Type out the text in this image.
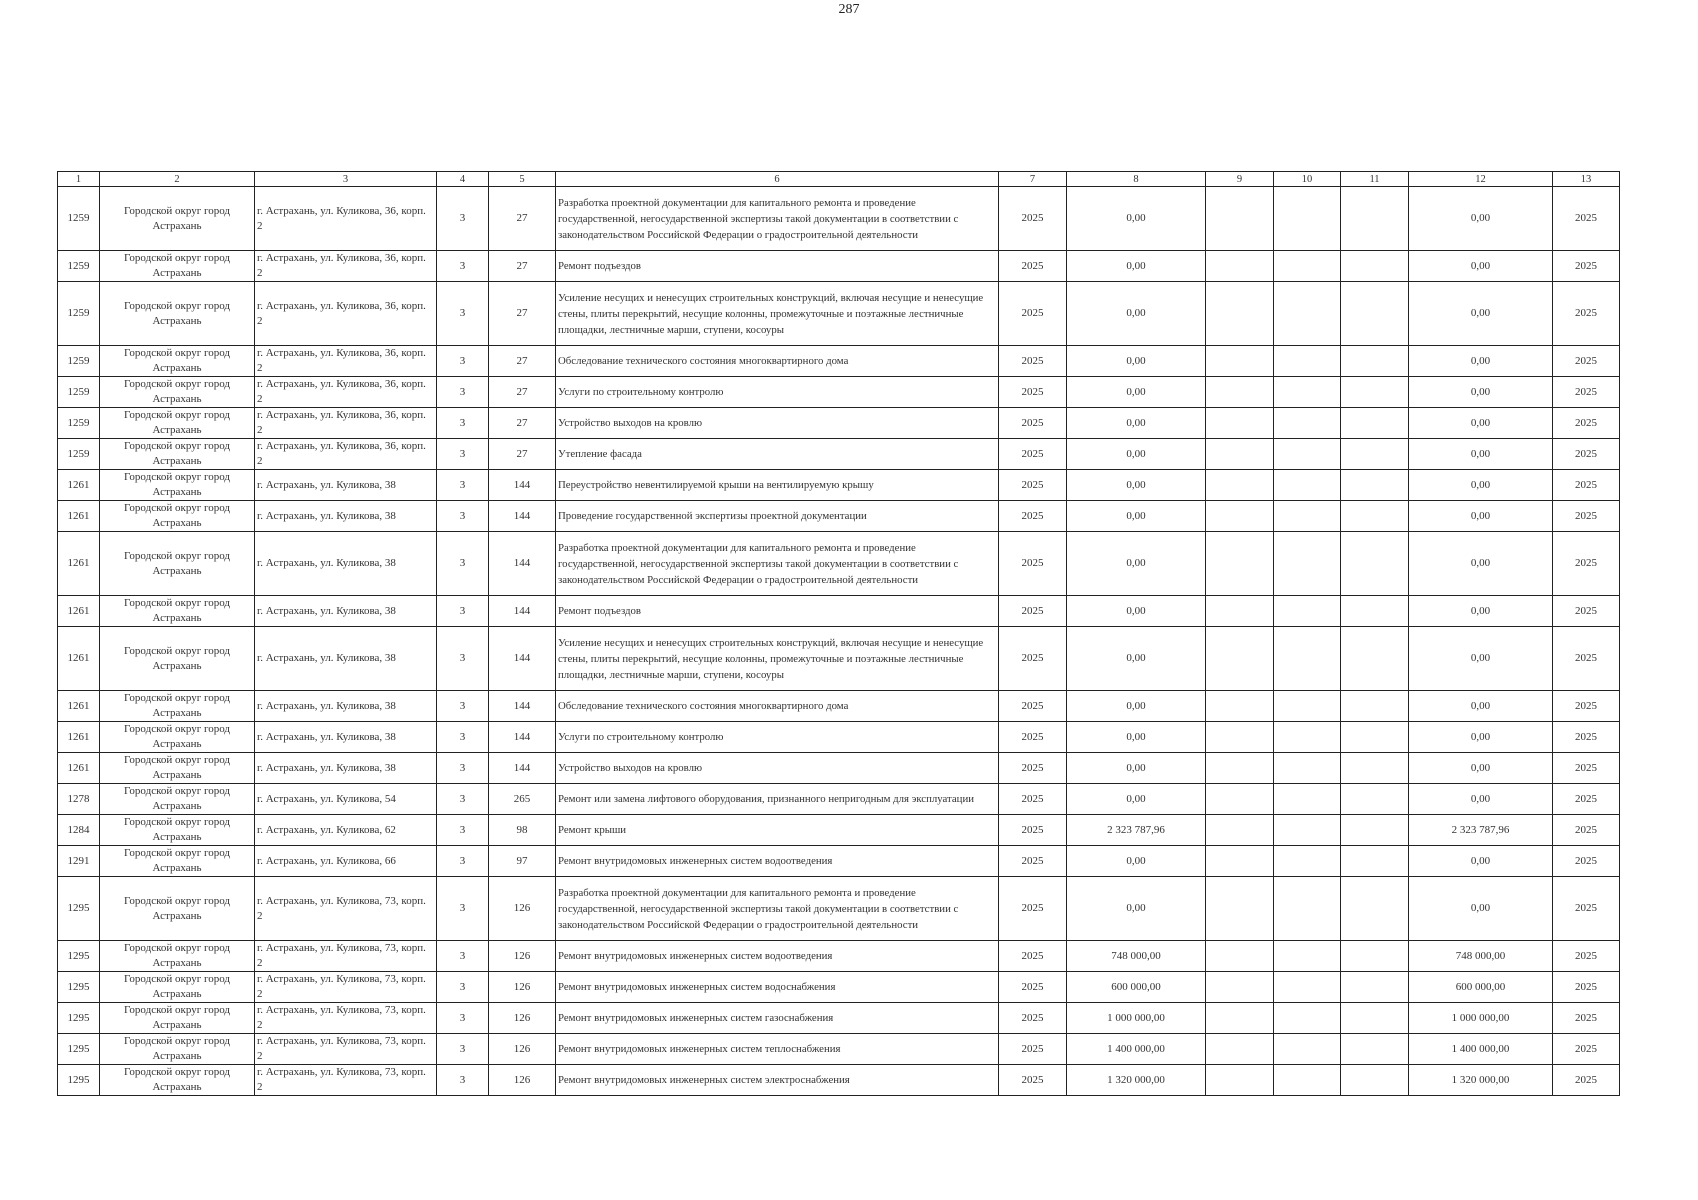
287
1	2	3	4	5	6	7	8	9	10	11	12	13
1259	Городской округ город Астрахань	г. Астрахань, ул. Куликова, 36, корп. 2	3	27	Разработка проектной документации для капитального ремонта и проведение государственной, негосударственной экспертизы такой документации в соответствии с законодательством Российской Федерации о градостроительной деятельности	2025	0,00				0,00	2025
1259	Городской округ город Астрахань	г. Астрахань, ул. Куликова, 36, корп. 2	3	27	Ремонт подъездов	2025	0,00				0,00	2025
1259	Городской округ город Астрахань	г. Астрахань, ул. Куликова, 36, корп. 2	3	27	Усиление несущих и ненесущих строительных конструкций, включая несущие и ненесущие стены, плиты перекрытий, несущие колонны, промежуточные и поэтажные лестничные площадки, лестничные марши, ступени, косоуры	2025	0,00				0,00	2025
1259	Городской округ город Астрахань	г. Астрахань, ул. Куликова, 36, корп. 2	3	27	Обследование технического состояния многоквартирного дома	2025	0,00				0,00	2025
1259	Городской округ город Астрахань	г. Астрахань, ул. Куликова, 36, корп. 2	3	27	Услуги по строительному контролю	2025	0,00				0,00	2025
1259	Городской округ город Астрахань	г. Астрахань, ул. Куликова, 36, корп. 2	3	27	Устройство выходов на кровлю	2025	0,00				0,00	2025
1259	Городской округ город Астрахань	г. Астрахань, ул. Куликова, 36, корп. 2	3	27	Утепление фасада	2025	0,00				0,00	2025
1261	Городской округ город Астрахань	г. Астрахань, ул. Куликова, 38	3	144	Переустройство невентилируемой крыши на вентилируемую крышу	2025	0,00				0,00	2025
1261	Городской округ город Астрахань	г. Астрахань, ул. Куликова, 38	3	144	Проведение государственной экспертизы проектной документации	2025	0,00				0,00	2025
1261	Городской округ город Астрахань	г. Астрахань, ул. Куликова, 38	3	144	Разработка проектной документации для капитального ремонта и проведение государственной, негосударственной экспертизы такой документации в соответствии с законодательством Российской Федерации о градостроительной деятельности	2025	0,00				0,00	2025
1261	Городской округ город Астрахань	г. Астрахань, ул. Куликова, 38	3	144	Ремонт подъездов	2025	0,00				0,00	2025
1261	Городской округ город Астрахань	г. Астрахань, ул. Куликова, 38	3	144	Усиление несущих и ненесущих строительных конструкций, включая несущие и ненесущие стены, плиты перекрытий, несущие колонны, промежуточные и поэтажные лестничные площадки, лестничные марши, ступени, косоуры	2025	0,00				0,00	2025
1261	Городской округ город Астрахань	г. Астрахань, ул. Куликова, 38	3	144	Обследование технического состояния многоквартирного дома	2025	0,00				0,00	2025
1261	Городской округ город Астрахань	г. Астрахань, ул. Куликова, 38	3	144	Услуги по строительному контролю	2025	0,00				0,00	2025
1261	Городской округ город Астрахань	г. Астрахань, ул. Куликова, 38	3	144	Устройство выходов на кровлю	2025	0,00				0,00	2025
1278	Городской округ город Астрахань	г. Астрахань, ул. Куликова, 54	3	265	Ремонт или замена лифтового оборудования, признанного непригодным для эксплуатации	2025	0,00				0,00	2025
1284	Городской округ город Астрахань	г. Астрахань, ул. Куликова, 62	3	98	Ремонт крыши	2025	2 323 787,96				2 323 787,96	2025
1291	Городской округ город Астрахань	г. Астрахань, ул. Куликова, 66	3	97	Ремонт внутридомовых инженерных систем водоотведения	2025	0,00				0,00	2025
1295	Городской округ город Астрахань	г. Астрахань, ул. Куликова, 73, корп. 2	3	126	Разработка проектной документации для капитального ремонта и проведение государственной, негосударственной экспертизы такой документации в соответствии с законодательством Российской Федерации о градостроительной деятельности	2025	0,00				0,00	2025
1295	Городской округ город Астрахань	г. Астрахань, ул. Куликова, 73, корп. 2	3	126	Ремонт внутридомовых инженерных систем водоотведения	2025	748 000,00				748 000,00	2025
1295	Городской округ город Астрахань	г. Астрахань, ул. Куликова, 73, корп. 2	3	126	Ремонт внутридомовых инженерных систем водоснабжения	2025	600 000,00				600 000,00	2025
1295	Городской округ город Астрахань	г. Астрахань, ул. Куликова, 73, корп. 2	3	126	Ремонт внутридомовых инженерных систем газоснабжения	2025	1 000 000,00				1 000 000,00	2025
1295	Городской округ город Астрахань	г. Астрахань, ул. Куликова, 73, корп. 2	3	126	Ремонт внутридомовых инженерных систем теплоснабжения	2025	1 400 000,00				1 400 000,00	2025
1295	Городской округ город Астрахань	г. Астрахань, ул. Куликова, 73, корп. 2	3	126	Ремонт внутридомовых инженерных систем электроснабжения	2025	1 320 000,00				1 320 000,00	2025
